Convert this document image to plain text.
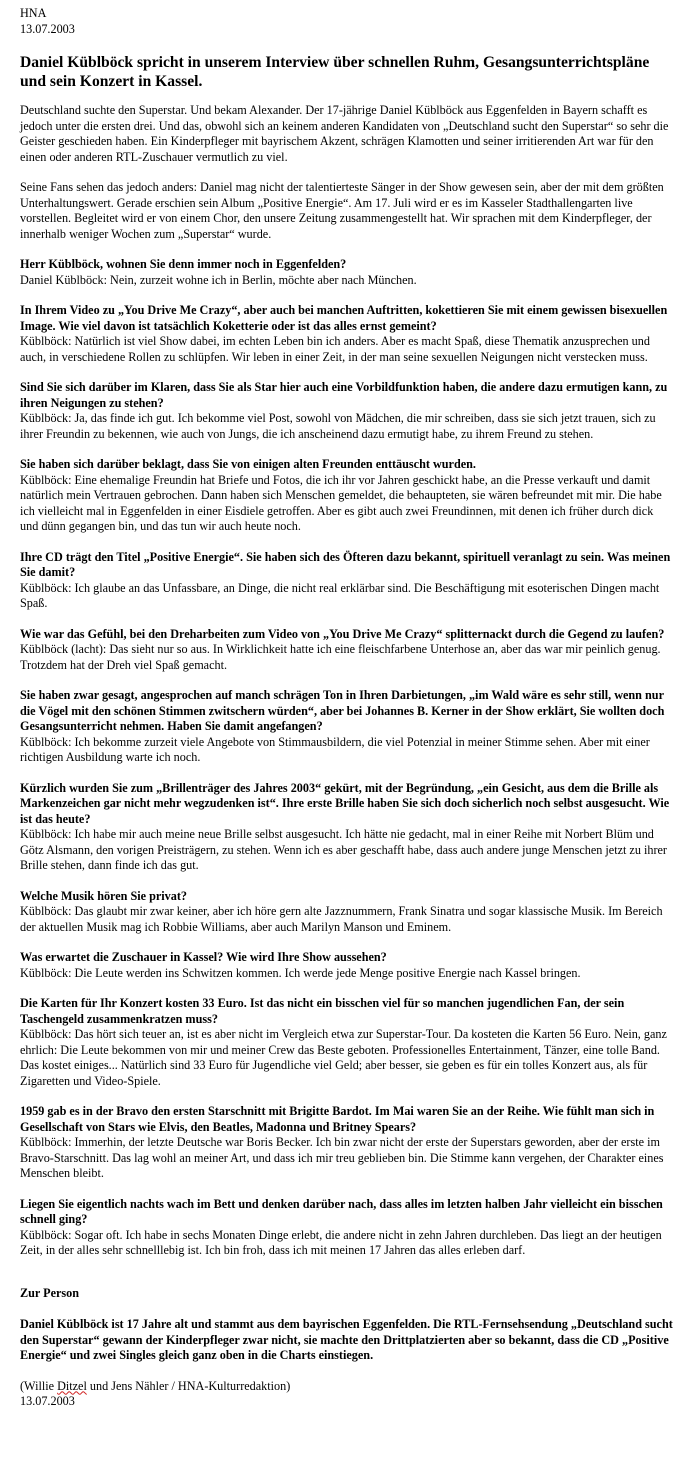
HNA

13.07.2003

Daniel Küblböck spricht in unserem Interview über schnellen Ruhm, Gesangsunterrichtspläne und sein Konzert in Kassel.

Deutschland suchte den Superstar. Und bekam Alexander. Der 17-jährige Daniel Küblböck aus Eggenfelden in Bayern schafft es jedoch unter die ersten drei. Und das, obwohl sich an keinem anderen Kandidaten von „Deutschland sucht den Superstar“ so sehr die Geister geschieden haben. Ein Kinderpfleger mit bayrischem Akzent, schrägen Klamotten und seiner irritierenden Art war für den einen oder anderen RTL-Zuschauer vermutlich zu viel.

Seine Fans sehen das jedoch anders: Daniel mag nicht der talentierteste Sänger in der Show gewesen sein, aber der mit dem größten Unterhaltungswert. Gerade erschien sein Album „Positive Energie“. Am 17. Juli wird er es im Kasseler Stadthallengarten live vorstellen. Begleitet wird er von einem Chor, den unsere Zeitung zusammengestellt hat. Wir sprachen mit dem Kinderpfleger, der innerhalb weniger Wochen zum „Superstar“ wurde.

Herr Küblböck, wohnen Sie denn immer noch in Eggenfelden?

Daniel Küblböck: Nein, zurzeit wohne ich in Berlin, möchte aber nach München.

In Ihrem Video zu „You Drive Me Crazy“, aber auch bei manchen Auftritten, kokettieren Sie mit einem gewissen bisexuellen Image. Wie viel davon ist tatsächlich Koketterie oder ist das alles ernst gemeint?

Küblböck: Natürlich ist viel Show dabei, im echten Leben bin ich anders. Aber es macht Spaß, diese Thematik anzusprechen und auch, in verschiedene Rollen zu schlüpfen. Wir leben in einer Zeit, in der man seine sexuellen Neigungen nicht verstecken muss.

Sind Sie sich darüber im Klaren, dass Sie als Star hier auch eine Vorbildfunktion haben, die andere dazu ermutigen kann, zu ihren Neigungen zu stehen?

Küblböck: Ja, das finde ich gut. Ich bekomme viel Post, sowohl von Mädchen, die mir schreiben, dass sie sich jetzt trauen, sich zu ihrer Freundin zu bekennen, wie auch von Jungs, die ich anscheinend dazu ermutigt habe, zu ihrem Freund zu stehen.

Sie haben sich darüber beklagt, dass Sie von einigen alten Freunden enttäuscht wurden.

Küblböck: Eine ehemalige Freundin hat Briefe und Fotos, die ich ihr vor Jahren geschickt habe, an die Presse verkauft und damit natürlich mein Vertrauen gebrochen. Dann haben sich Menschen gemeldet, die behaupteten, sie wären befreundet mit mir. Die habe ich vielleicht mal in Eggenfelden in einer Eisdiele getroffen. Aber es gibt auch zwei Freundinnen, mit denen ich früher durch dick und dünn gegangen bin, und das tun wir auch heute noch.

Ihre CD trägt den Titel „Positive Energie“. Sie haben sich des Öfteren dazu bekannt, spirituell veranlagt zu sein. Was meinen Sie damit?

Küblböck: Ich glaube an das Unfassbare, an Dinge, die nicht real erklärbar sind. Die Beschäftigung mit esoterischen Dingen macht Spaß.

Wie war das Gefühl, bei den Dreharbeiten zum Video von „You Drive Me Crazy“ splitternackt durch die Gegend zu laufen?

Küblböck (lacht): Das sieht nur so aus. In Wirklichkeit hatte ich eine fleischfarbene Unterhose an, aber das war mir peinlich genug. Trotzdem hat der Dreh viel Spaß gemacht.

Sie haben zwar gesagt, angesprochen auf manch schrägen Ton in Ihren Darbietungen, „im Wald wäre es sehr still, wenn nur die Vögel mit den schönen Stimmen zwitschern würden“, aber bei Johannes B. Kerner in der Show erklärt, Sie wollten doch Gesangsunterricht nehmen. Haben Sie damit angefangen?

Küblböck: Ich bekomme zurzeit viele Angebote von Stimmausbildern, die viel Potenzial in meiner Stimme sehen. Aber mit einer richtigen Ausbildung warte ich noch.

Kürzlich wurden Sie zum „Brillenträger des Jahres 2003“ gekürt, mit der Begründung, „ein Gesicht, aus dem die Brille als Markenzeichen gar nicht mehr wegzudenken ist“. Ihre erste Brille haben Sie sich doch sicherlich noch selbst ausgesucht. Wie ist das heute?

Küblböck: Ich habe mir auch meine neue Brille selbst ausgesucht. Ich hätte nie gedacht, mal in einer Reihe mit Norbert Blüm und Götz Alsmann, den vorigen Preisträgern, zu stehen. Wenn ich es aber geschafft habe, dass auch andere junge Menschen jetzt zu ihrer Brille stehen, dann finde ich das gut.

Welche Musik hören Sie privat?

Küblböck: Das glaubt mir zwar keiner, aber ich höre gern alte Jazznummern, Frank Sinatra und sogar klassische Musik. Im Bereich der aktuellen Musik mag ich Robbie Williams, aber auch Marilyn Manson und Eminem.

Was erwartet die Zuschauer in Kassel? Wie wird Ihre Show aussehen?

Küblböck: Die Leute werden ins Schwitzen kommen. Ich werde jede Menge positive Energie nach Kassel bringen.

Die Karten für Ihr Konzert kosten 33 Euro. Ist das nicht ein bisschen viel für so manchen jugendlichen Fan, der sein Taschengeld zusammenkratzen muss?

Küblböck: Das hört sich teuer an, ist es aber nicht im Vergleich etwa zur Superstar-Tour. Da kosteten die Karten 56 Euro. Nein, ganz ehrlich: Die Leute bekommen von mir und meiner Crew das Beste geboten. Professionelles Entertainment, Tänzer, eine tolle Band. Das kostet einiges... Natürlich sind 33 Euro für Jugendliche viel Geld; aber besser, sie geben es für ein tolles Konzert aus, als für Zigaretten und Video-Spiele.

1959 gab es in der Bravo den ersten Starschnitt mit Brigitte Bardot. Im Mai waren Sie an der Reihe. Wie fühlt man sich in Gesellschaft von Stars wie Elvis, den Beatles, Madonna und Britney Spears?

Küblböck: Immerhin, der letzte Deutsche war Boris Becker. Ich bin zwar nicht der erste der Superstars geworden, aber der erste im Bravo-Starschnitt. Das lag wohl an meiner Art, und dass ich mir treu geblieben bin. Die Stimme kann vergehen, der Charakter eines Menschen bleibt.

Liegen Sie eigentlich nachts wach im Bett und denken darüber nach, dass alles im letzten halben Jahr vielleicht ein bisschen schnell ging?

Küblböck: Sogar oft. Ich habe in sechs Monaten Dinge erlebt, die andere nicht in zehn Jahren durchleben. Das liegt an der heutigen Zeit, in der alles sehr schnelllebig ist. Ich bin froh, dass ich mit meinen 17 Jahren das alles erleben darf.

Zur Person

Daniel Küblböck ist 17 Jahre alt und stammt aus dem bayrischen Eggenfelden. Die RTL-Fernsehsendung „Deutschland sucht den Superstar“ gewann der Kinderpfleger zwar nicht, sie machte den Drittplatzierten aber so bekannt, dass die CD „Positive Energie“ und zwei Singles gleich ganz oben in die Charts einstiegen.

(Willie Ditzel und Jens Nähler / HNA-Kulturredaktion)

13.07.2003
